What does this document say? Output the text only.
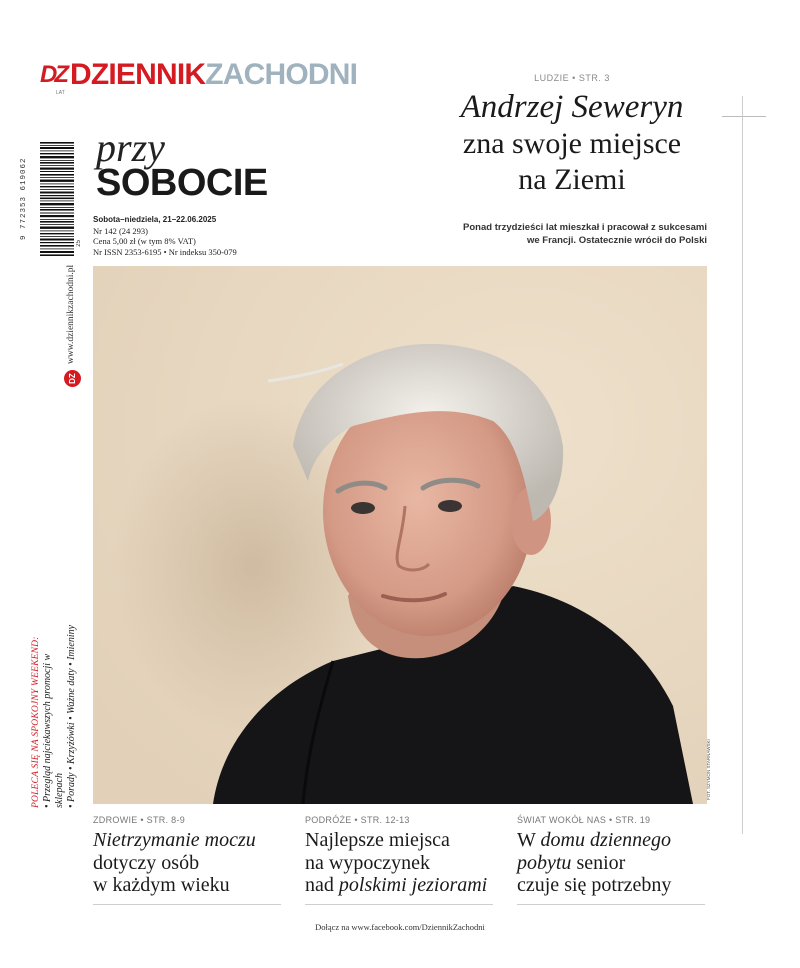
DZ
LAT
DZIENNIKZACHODNI	LUDZIE • STR. 3
Andrzej Seweryn
zna swoje miejsce
na Ziemi
Ponad trzydzieści lat mieszkał i pracował z sukcesami
we Francji. Ostatecznie wrócił do Polski
9 772353 619062
25
przy
SOBOCIE
Sobota–niedziela, 21–22.06.2025
Nr 142 (24 293)
Cena 5,00 zł (w tym 8% VAT)
Nr ISSN 2353-6195 • Nr indeksu 350-079
www.dziennikzachodni.pl
DZ
POLECA SIĘ NA SPOKOJNY WEEKEND: • Przegląd najciekawszych promocji w sklepach • Porady • Krzyżówki • Ważne daty • Imieniny	FOT. SZYMON STARNAWSKI
ZDROWIE • STR. 8-9
Nietrzymanie moczu
dotyczy osób
w każdym wieku
PODRÓŻE • STR. 12-13
Najlepsze miejsca
na wypoczynek
nad polskimi jeziorami
ŚWIAT WOKÓŁ NAS • STR. 19
W domu dziennego
pobytu senior
czuje się potrzebny
Dołącz na www.facebook.com/DziennikZachodni
